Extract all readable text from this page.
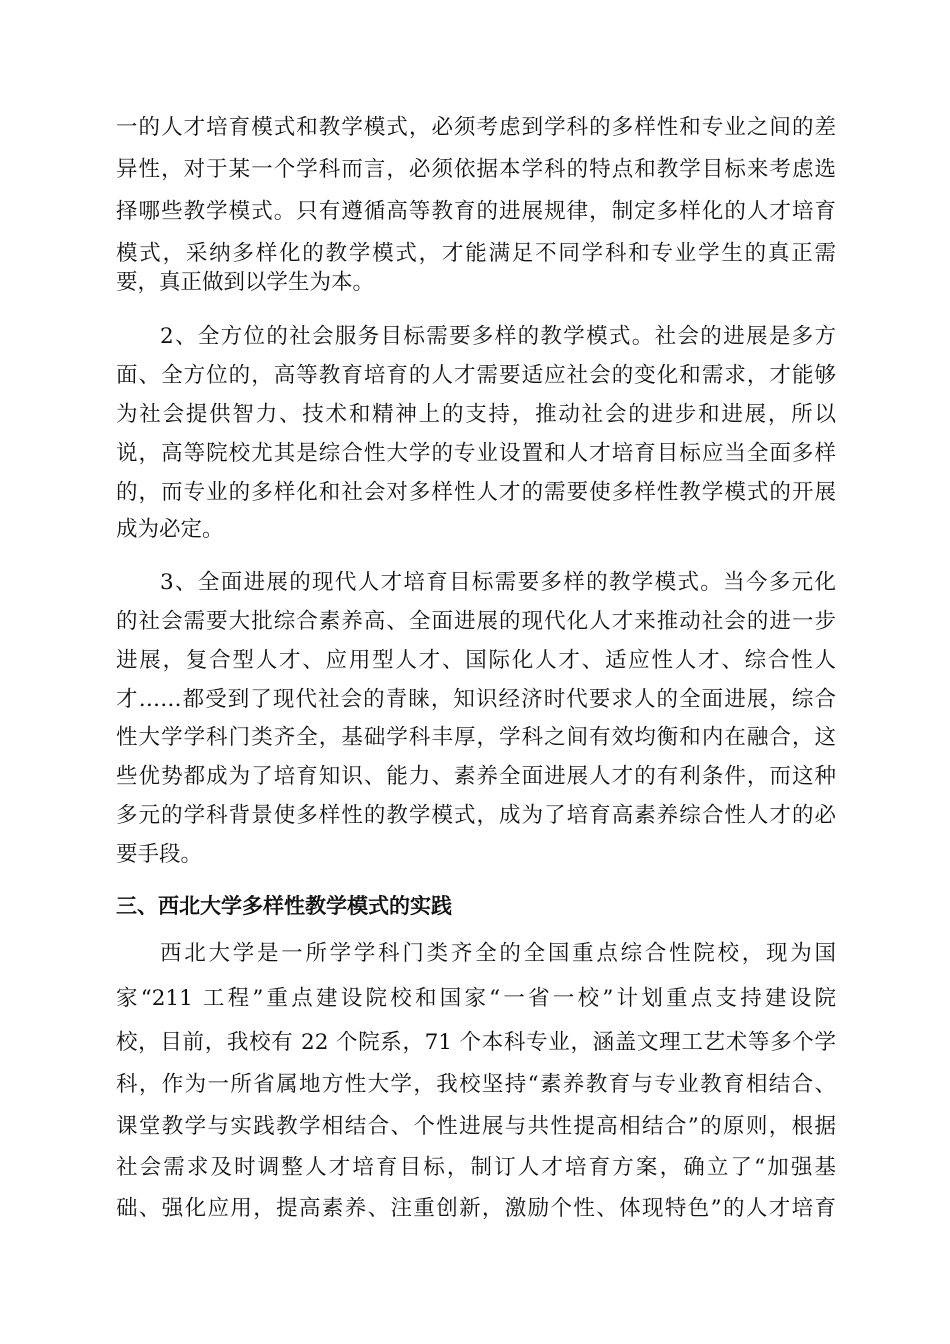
一的人才培育模式和教学模式，必须考虑到学科的多样性和专业之间的差
异性，对于某一个学科而言，必须依据本学科的特点和教学目标来考虑选
择哪些教学模式。只有遵循高等教育的进展规律，制定多样化的人才培育
模式，采纳多样化的教学模式，才能满足不同学科和专业学生的真正需
要，真正做到以学生为本。
2、全方位的社会服务目标需要多样的教学模式。社会的进展是多方
面、全方位的，高等教育培育的人才需要适应社会的变化和需求，才能够
为社会提供智力、技术和精神上的支持，推动社会的进步和进展，所以
说，高等院校尤其是综合性大学的专业设置和人才培育目标应当全面多样
的，而专业的多样化和社会对多样性人才的需要使多样性教学模式的开展
成为必定。
3、全面进展的现代人才培育目标需要多样的教学模式。当今多元化
的社会需要大批综合素养高、全面进展的现代化人才来推动社会的进一步
进展，复合型人才、应用型人才、国际化人才、适应性人才、综合性人
才……都受到了现代社会的青睐，知识经济时代要求人的全面进展，综合
性大学学科门类齐全，基础学科丰厚，学科之间有效均衡和内在融合，这
些优势都成为了培育知识、能力、素养全面进展人才的有利条件，而这种
多元的学科背景使多样性的教学模式，成为了培育高素养综合性人才的必
要手段。
三、西北大学多样性教学模式的实践
西北大学是一所学学科门类齐全的全国重点综合性院校，现为国
家“211 工程”重点建设院校和国家“一省一校”计划重点支持建设院
校，目前，我校有 22 个院系，71 个本科专业，涵盖文理工艺术等多个学
科，作为一所省属地方性大学，我校坚持“素养教育与专业教育相结合、
课堂教学与实践教学相结合、个性进展与共性提高相结合”的原则，根据
社会需求及时调整人才培育目标，制订人才培育方案，确立了“加强基
础、强化应用，提高素养、注重创新，激励个性、体现特色”的人才培育
